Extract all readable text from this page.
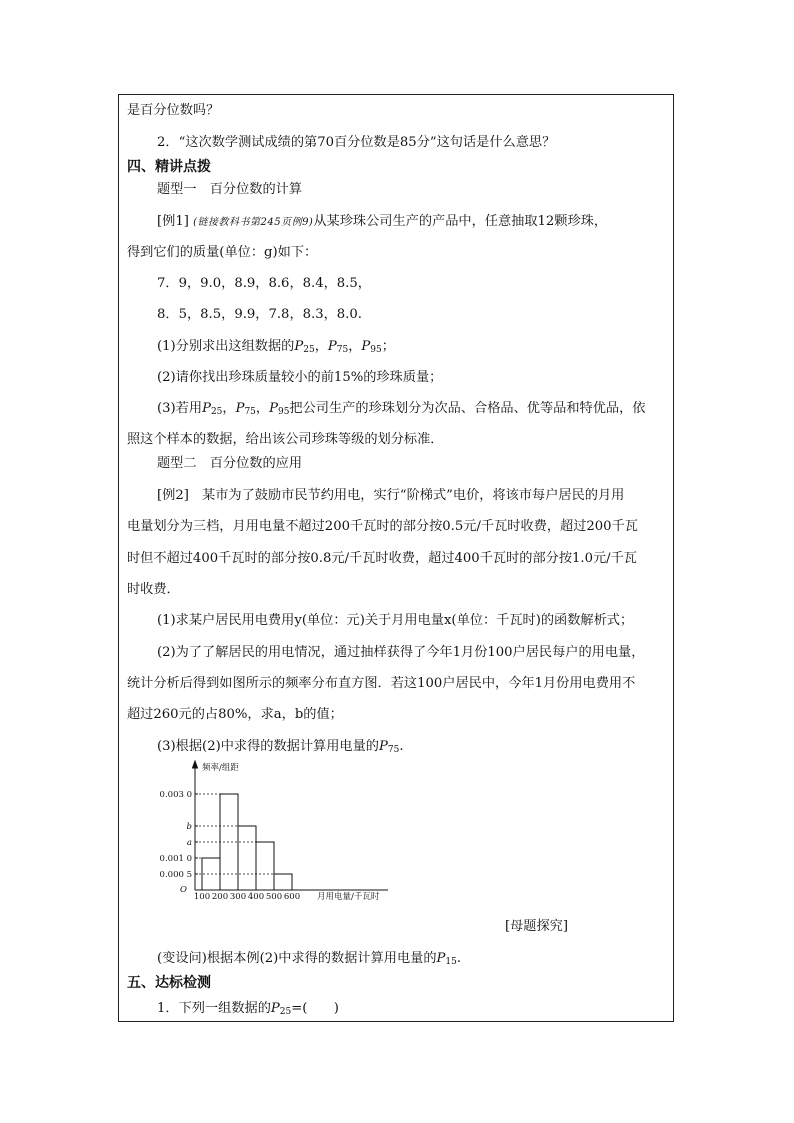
是百分位数吗？
2．“这次数学测试成绩的第70百分位数是85分”这句话是什么意思？
四、精讲点拨
题型一　百分位数的计算
[例1] (链接教科书第245页例9)从某珍珠公司生产的产品中，任意抽取12颗珍珠，
得到它们的质量(单位：g)如下：
7．9，9.0，8.9，8.6，8.4，8.5，
8．5，8.5，9.9，7.8，8.3，8.0.
(1)分别求出这组数据的$P_{25}$，$P_{75}$，$P_{95}$；
(2)请你找出珍珠质量较小的前15%的珍珠质量；
(3)若用$P_{25}$，$P_{75}$，$P_{95}$把公司生产的珍珠划分为次品、合格品、优等品和特优品，依
照这个样本的数据，给出该公司珍珠等级的划分标准．
题型二　百分位数的应用
[例2]　某市为了鼓励市民节约用电，实行“阶梯式”电价，将该市每户居民的月用
电量划分为三档，月用电量不超过200千瓦时的部分按0.5元/千瓦时收费，超过200千瓦
时但不超过400千瓦时的部分按0.8元/千瓦时收费，超过400千瓦时的部分按1.0元/千瓦
时收费．
(1)求某户居民用电费用y(单位：元)关于月用电量x(单位：千瓦时)的函数解析式；
(2)为了了解居民的用电情况，通过抽样获得了今年1月份100户居民每户的用电量，
统计分析后得到如图所示的频率分布直方图．若这100户居民中，今年1月份用电费用不
超过260元的占80%，求a，b的值；
(3)根据(2)中求得的数据计算用电量的$P_{75}$.
0.003 0
b
a
0.001 0
0.000 5
100 200 300 400 500 600
频率/组距
O
月用电量/千瓦时
[母题探究]
(变设问)根据本例(2)中求得的数据计算用电量的$P_{15}$.
五、达标检测
1．下列一组数据的$P_{25}=$(　　)
